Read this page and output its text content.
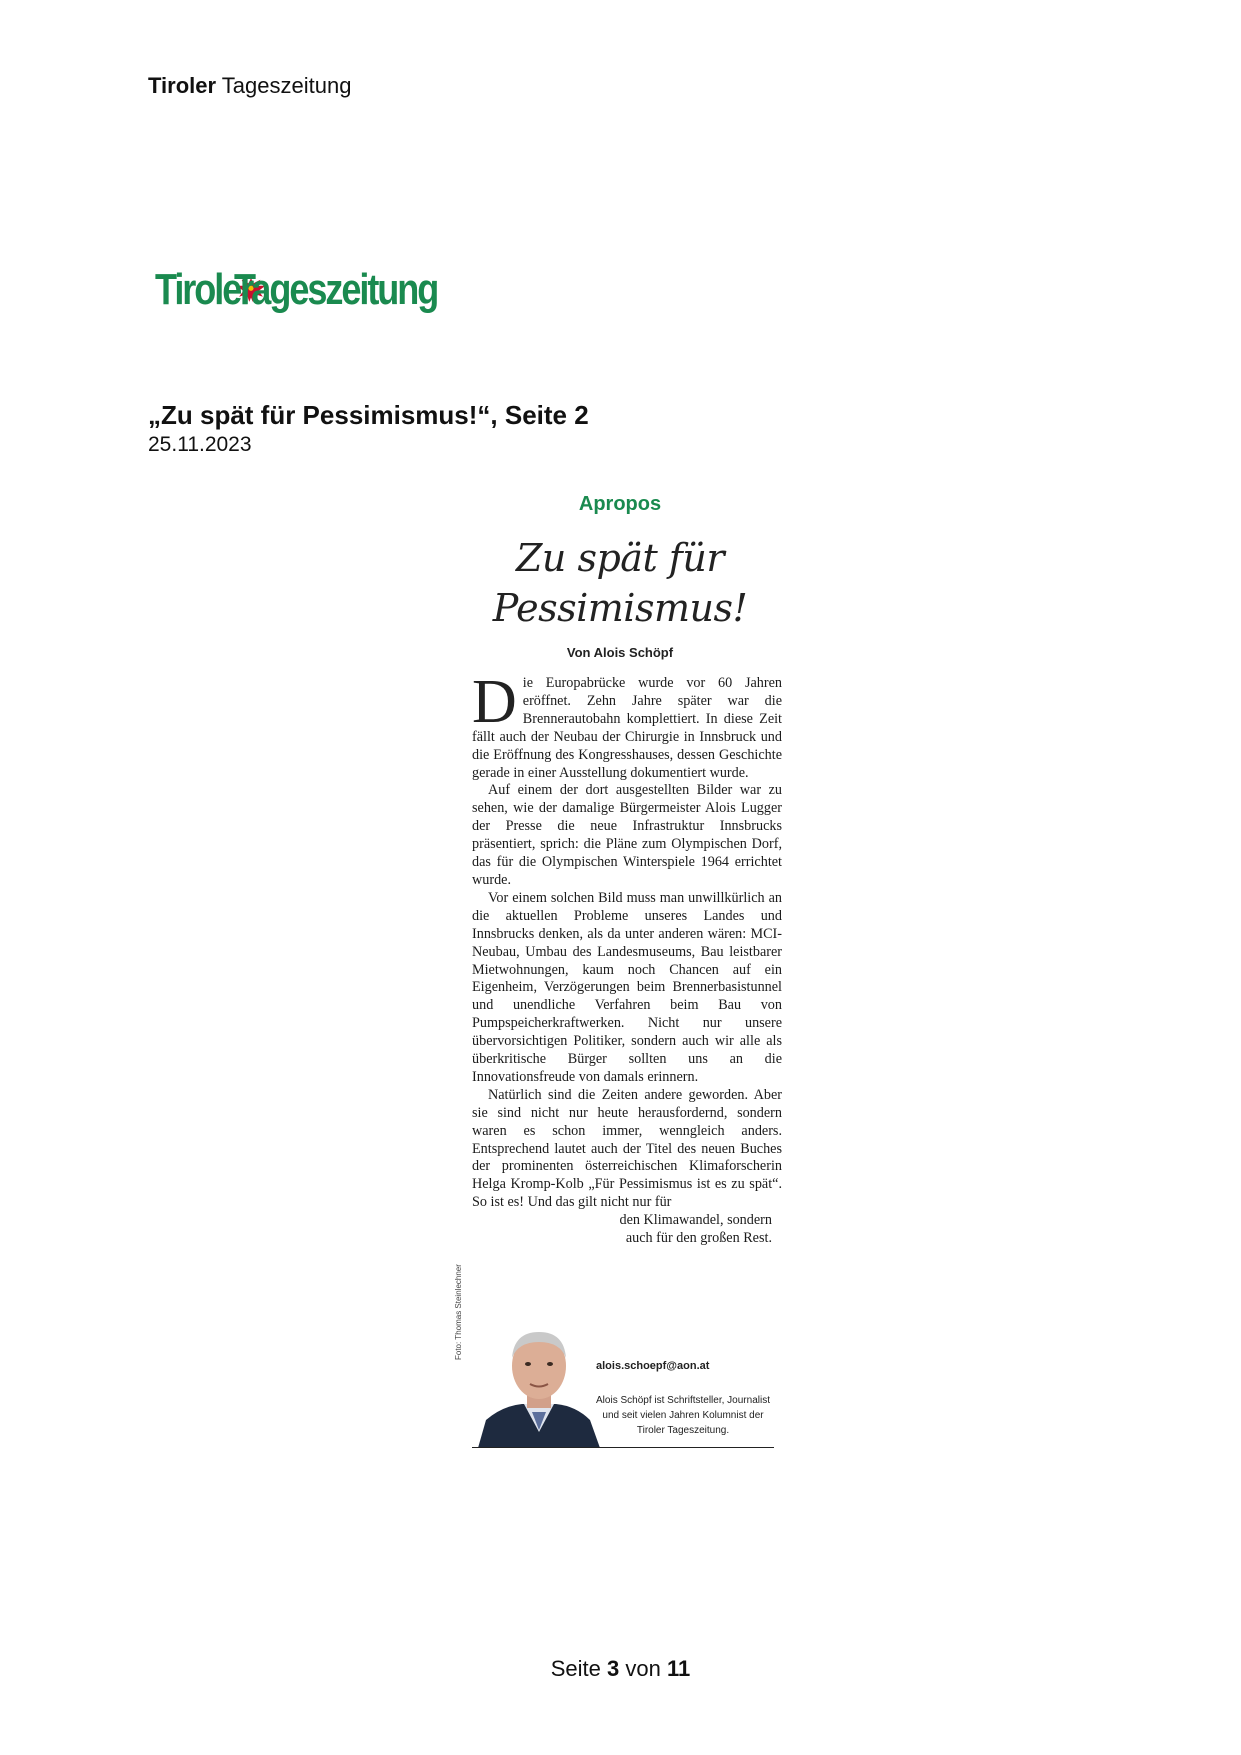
Tiroler Tageszeitung
Tiroler
Tageszeitung
„Zu spät für Pessimismus!“, Seite 2
25.11.2023
Apropos
Zu spät für
Pessimismus!
Von Alois Schöpf

Die Europabrücke wurde vor 60 Jahren eröffnet. Zehn Jahre später war die Brennerautobahn komplettiert. In diese Zeit fällt auch der Neubau der Chirurgie in Innsbruck und die Eröffnung des Kongresshauses, dessen Geschichte gerade in einer Ausstellung dokumentiert wurde.

Auf einem der dort ausgestellten Bilder war zu sehen, wie der damalige Bürgermeister Alois Lugger der Presse die neue Infrastruktur Innsbrucks präsentiert, sprich: die Pläne zum Olympischen Dorf, das für die Olympischen Winterspiele 1964 errichtet wurde.

Vor einem solchen Bild muss man unwillkürlich an die aktuellen Probleme unseres Landes und Innsbrucks denken, als da unter anderen wären: MCI-Neubau, Umbau des Landesmuseums, Bau leistbarer Mietwohnungen, kaum noch Chancen auf ein Eigenheim, Verzögerungen beim Brennerbasistunnel und unendliche Verfahren beim Bau von Pumpspeicherkraftwerken. Nicht nur unsere übervorsichtigen Politiker, sondern auch wir alle als überkritische Bürger sollten uns an die Innovationsfreude von damals erinnern.

Natürlich sind die Zeiten andere geworden. Aber sie sind nicht nur heute herausfordernd, sondern waren es schon immer, wenngleich anders. Entsprechend lautet auch der Titel des neuen Buches der prominenten österreichischen Klimaforscherin Helga Kromp-Kolb „Für Pessimismus ist es zu spät“. So ist es! Und das gilt nicht nur für

den Klimawandel, sondern

auch für den großen Rest.

Foto: Thomas Steinlechner
alois.schoepf@aon.at
Alois Schöpf ist Schriftsteller, Journalist und seit vielen Jahren Kolumnist der Tiroler Tageszeitung.
Seite 3 von 11
